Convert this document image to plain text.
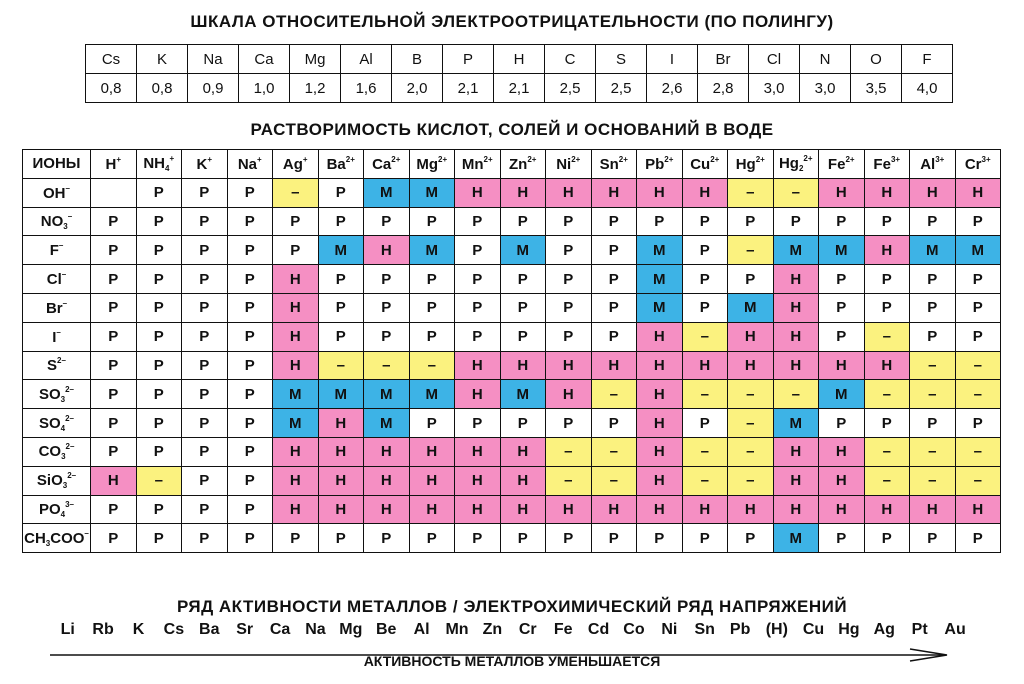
ШКАЛА ОТНОСИТЕЛЬНОЙ ЭЛЕКТРООТРИЦАТЕЛЬНОСТИ (ПО ПОЛИНГУ)
Cs	K	Na	Ca	Mg	Al	B	P	H	C	S	I	Br	Cl	N	O	F
0,8	0,8	0,9	1,0	1,2	1,6	2,0	2,1	2,1	2,5	2,5	2,6	2,8	3,0	3,0	3,5	4,0
РАСТВОРИМОСТЬ КИСЛОТ, СОЛЕЙ И ОСНОВАНИЙ В ВОДЕ
ИОНЫ	H+	$NH_4^+$	K+	Na+	Ag+	$Ba^{2+}$	$Ca^{2+}$	$Mg^{2+}$	$Mn^{2+}$	$Zn^{2+}$	$Ni^{2+}$	$Sn^{2+}$	$Pb^{2+}$	$Cu^{2+}$	$Hg^{2+}$	$Hg_2^{2+}$	$Fe^{2+}$	$Fe^{3+}$	$Al^{3+}$	$Cr^{3+}$
OH–		Р	Р	Р	–	Р	М	М	Н	Н	Н	Н	Н	Н	–	–	Н	Н	Н	Н
$NO_3^-$	Р	Р	Р	Р	Р	Р	Р	Р	Р	Р	Р	Р	Р	Р	Р	Р	Р	Р	Р	Р
F–	Р	Р	Р	Р	Р	М	Н	М	Р	М	Р	Р	М	Р	–	М	М	Н	М	М
Cl–	Р	Р	Р	Р	Н	Р	Р	Р	Р	Р	Р	Р	М	Р	Р	Н	Р	Р	Р	Р
Br–	Р	Р	Р	Р	Н	Р	Р	Р	Р	Р	Р	Р	М	Р	М	Н	Р	Р	Р	Р
I–	Р	Р	Р	Р	Н	Р	Р	Р	Р	Р	Р	Р	Н	–	Н	Н	Р	–	Р	Р
$S^{2-}$	Р	Р	Р	Р	Н	–	–	–	Н	Н	Н	Н	Н	Н	Н	Н	Н	Н	–	–
$SO_3^{2-}$	Р	Р	Р	Р	М	М	М	М	Н	М	Н	–	Н	–	–	–	М	–	–	–
$SO_4^{2-}$	Р	Р	Р	Р	М	Н	М	Р	Р	Р	Р	Р	Н	Р	–	М	Р	Р	Р	Р
$CO_3^{2-}$	Р	Р	Р	Р	Н	Н	Н	Н	Н	Н	–	–	Н	–	–	Н	Н	–	–	–
SiO$_3^{2-}$	Н	–	Р	Р	Н	Н	Н	Н	Н	Н	–	–	Н	–	–	Н	Н	–	–	–
$PO_4^{3-}$	Р	Р	Р	Р	Н	Н	Н	Н	Н	Н	Н	Н	Н	Н	Н	Н	Н	Н	Н	Н
$CH_3COO^-$	Р	Р	Р	Р	Р	Р	Р	Р	Р	Р	Р	Р	Р	Р	Р	М	Р	Р	Р	Р
РЯД АКТИВНОСТИ МЕТАЛЛОВ / ЭЛЕКТРОХИМИЧЕСКИЙ РЯД НАПРЯЖЕНИЙ
Li	Rb	K	Cs Ba	Sr	Ca Na Mg Be	Al Mn Zn	Cr	Fe Cd Co	Ni	Sn Pb (H) Cu Hg Ag	Pt	Au
АКТИВНОСТЬ МЕТАЛЛОВ УМЕНЬШАЕТСЯ
